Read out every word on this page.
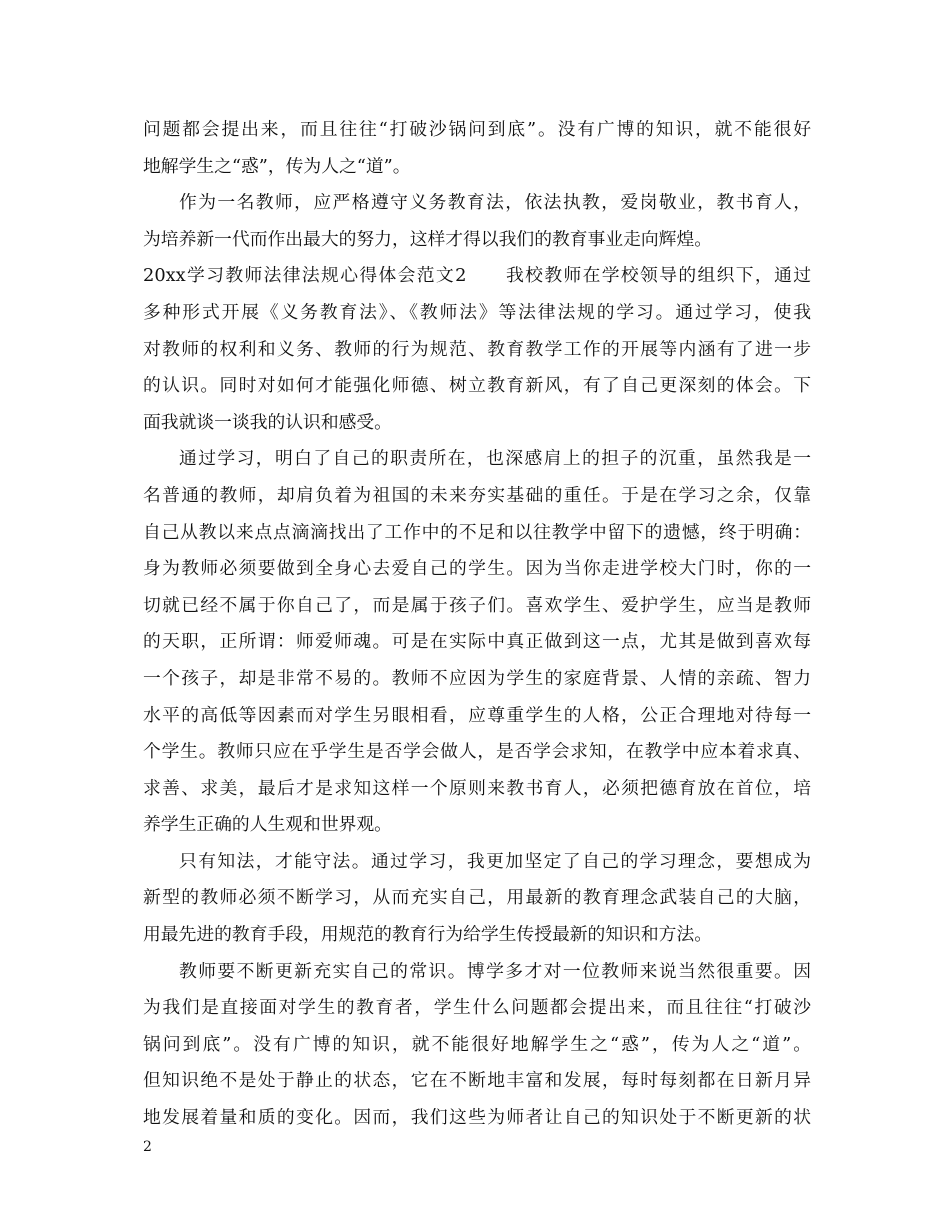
问题都会提出来，而且往往“打破沙锅问到底”。没有广博的知识，就不能很好
地解学生之“惑”，传为人之“道”。
作为一名教师，应严格遵守义务教育法，依法执教，爱岗敬业，教书育人，
为培养新一代而作出最大的努力，这样才得以我们的教育事业走向辉煌。
20xx学习教师法律法规心得体会范文2　　我校教师在学校领导的组织下，通过
多种形式开展《义务教育法》、《教师法》等法律法规的学习。通过学习，使我
对教师的权利和义务、教师的行为规范、教育教学工作的开展等内涵有了进一步
的认识。同时对如何才能强化师德、树立教育新风，有了自己更深刻的体会。下
面我就谈一谈我的认识和感受。
通过学习，明白了自己的职责所在，也深感肩上的担子的沉重，虽然我是一
名普通的教师，却肩负着为祖国的未来夯实基础的重任。于是在学习之余，仅靠
自己从教以来点点滴滴找出了工作中的不足和以往教学中留下的遗憾，终于明确：
身为教师必须要做到全身心去爱自己的学生。因为当你走进学校大门时，你的一
切就已经不属于你自己了，而是属于孩子们。喜欢学生、爱护学生，应当是教师
的天职，正所谓：师爱师魂。可是在实际中真正做到这一点，尤其是做到喜欢每
一个孩子，却是非常不易的。教师不应因为学生的家庭背景、人情的亲疏、智力
水平的高低等因素而对学生另眼相看，应尊重学生的人格，公正合理地对待每一
个学生。教师只应在乎学生是否学会做人，是否学会求知，在教学中应本着求真、
求善、求美，最后才是求知这样一个原则来教书育人，必须把德育放在首位，培
养学生正确的人生观和世界观。
只有知法，才能守法。通过学习，我更加坚定了自己的学习理念，要想成为
新型的教师必须不断学习，从而充实自己，用最新的教育理念武装自己的大脑，
用最先进的教育手段，用规范的教育行为给学生传授最新的知识和方法。
教师要不断更新充实自己的常识。博学多才对一位教师来说当然很重要。因
为我们是直接面对学生的教育者，学生什么问题都会提出来，而且往往“打破沙
锅问到底”。没有广博的知识，就不能很好地解学生之“惑”，传为人之“道”。
但知识绝不是处于静止的状态，它在不断地丰富和发展，每时每刻都在日新月异
地发展着量和质的变化。因而，我们这些为师者让自己的知识处于不断更新的状
2
